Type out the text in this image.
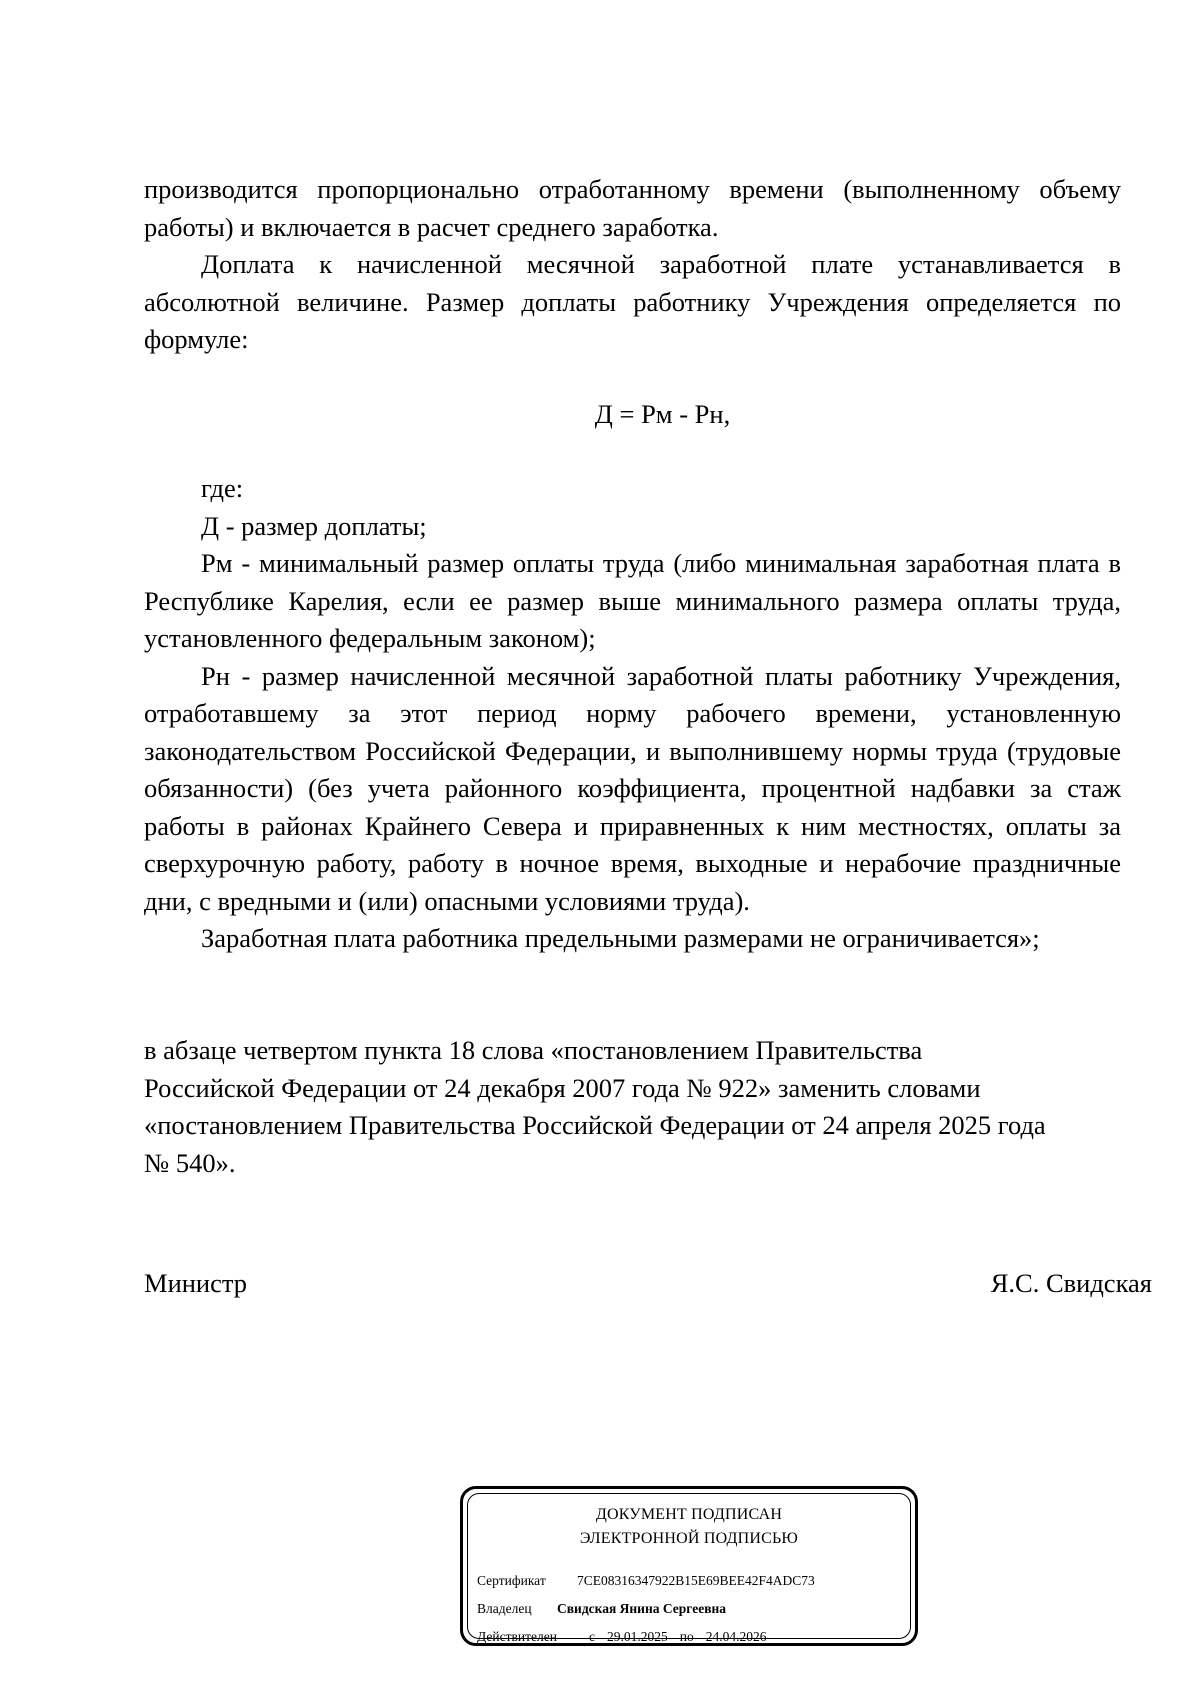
производится пропорционально отработанному времени (выполненному объему работы) и включается в расчет среднего заработка.

Доплата к начисленной месячной заработной плате устанавливается в абсолютной величине. Размер доплаты работнику Учреждения определяется по формуле:

Д = Рм - Рн,

где:

Д - размер доплаты;

Рм - минимальный размер оплаты труда (либо минимальная заработная плата в Республике Карелия, если ее размер выше минимального размера оплаты труда, установленного федеральным законом);

Рн - размер начисленной месячной заработной платы работнику Учреждения, отработавшему за этот период норму рабочего времени, установленную законодательством Российской Федерации, и выполнившему нормы труда (трудовые обязанности) (без учета районного коэффициента, процентной надбавки за стаж работы в районах Крайнего Севера и приравненных к ним местностях, оплаты за сверхурочную работу, работу в ночное время, выходные и нерабочие праздничные дни, с вредными и (или) опасными условиями труда).

Заработная плата работника предельными размерами не ограничивается»;

в абзаце четвертом пункта 18 слова «постановлением Правительства

Российской Федерации от 24 декабря 2007 года № 922» заменить словами

«постановлением Правительства Российской Федерации от 24 апреля 2025 года

№ 540».

Министр	Я.С. Свидская
ДОКУМЕНТ ПОДПИСАН
ЭЛЕКТРОННОЙ ПОДПИСЬЮ
Сертификат 7CE08316347922B15E69BEE42F4ADC73
Владелец Свидская Янина Сергеевна
Действителен с 29.01.2025 по 24.04.2026
